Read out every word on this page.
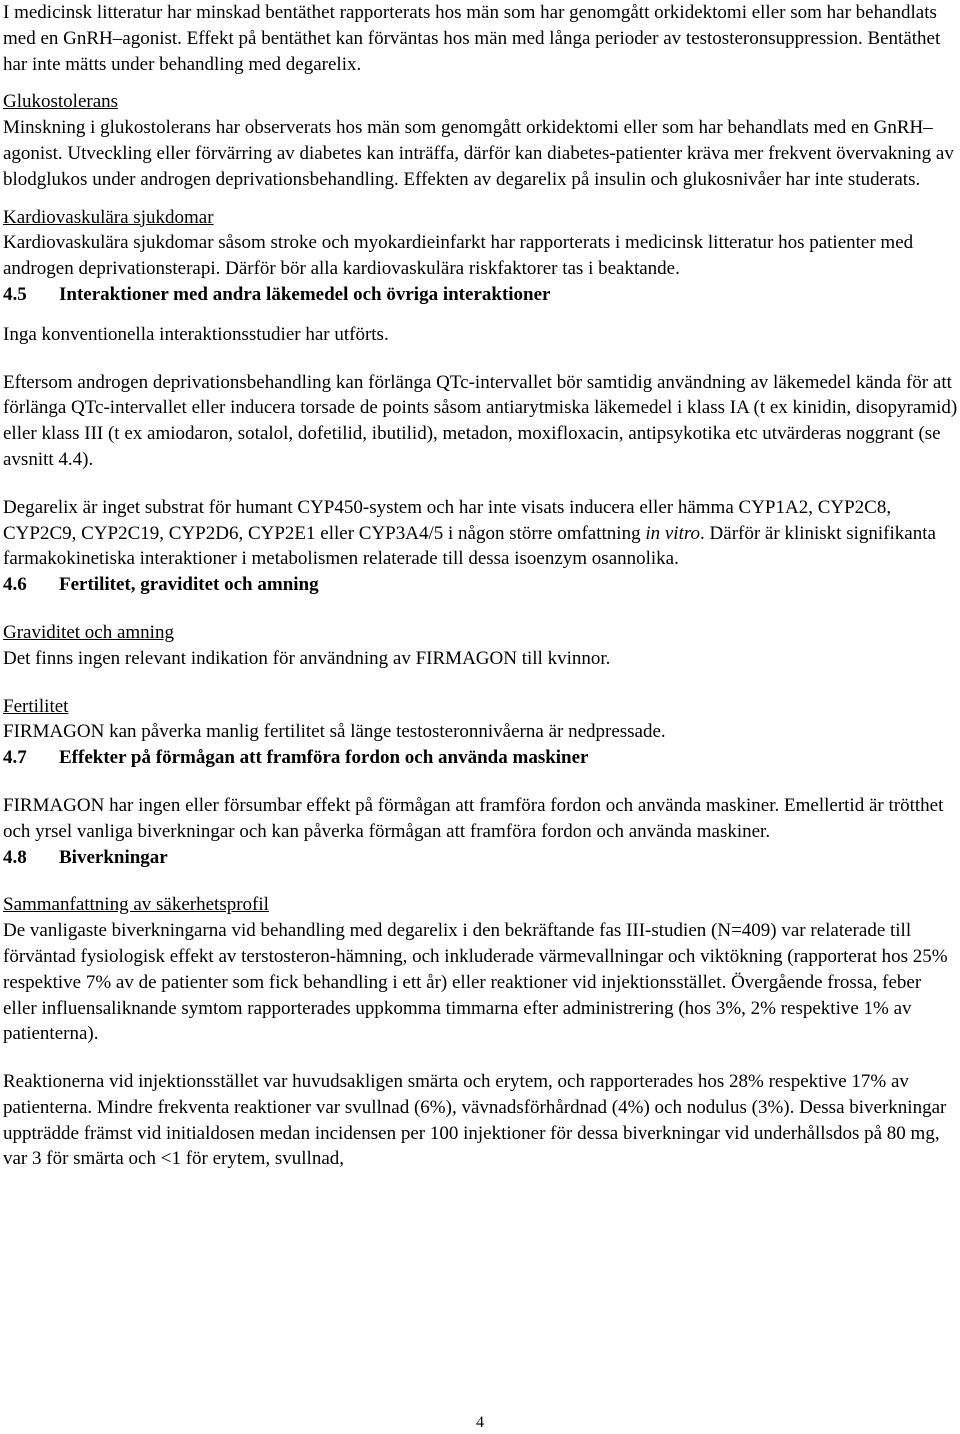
I medicinsk litteratur har minskad bentäthet rapporterats hos män som har genomgått orkidektomi eller som har behandlats med en GnRH–agonist. Effekt på bentäthet kan förväntas hos män med långa perioder av testosteronsuppression. Bentäthet har inte mätts under behandling med degarelix.

Glukostolerans

Minskning i glukostolerans har observerats hos män som genomgått orkidektomi eller som har behandlats med en GnRH–agonist. Utveckling eller förvärring av diabetes kan inträffa, därför kan diabetes-patienter kräva mer frekvent övervakning av blodglukos under androgen deprivationsbehandling. Effekten av degarelix på insulin och glukosnivåer har inte studerats.

Kardiovaskulära sjukdomar

Kardiovaskulära sjukdomar såsom stroke och myokardieinfarkt har rapporterats i medicinsk litteratur hos patienter med androgen deprivationsterapi. Därför bör alla kardiovaskulära riskfaktorer tas i beaktande.

4.5 Interaktioner med andra läkemedel och övriga interaktioner

Inga konventionella interaktionsstudier har utförts.

Eftersom androgen deprivationsbehandling kan förlänga QTc-intervallet bör samtidig användning av läkemedel kända för att förlänga QTc-intervallet eller inducera torsade de points såsom antiarytmiska läkemedel i klass IA (t ex kinidin, disopyramid) eller klass III (t ex amiodaron, sotalol, dofetilid, ibutilid), metadon, moxifloxacin, antipsykotika etc utvärderas noggrant (se avsnitt 4.4).

Degarelix är inget substrat för humant CYP450-system och har inte visats inducera eller hämma CYP1A2, CYP2C8, CYP2C9, CYP2C19, CYP2D6, CYP2E1 eller CYP3A4/5 i någon större omfattning in vitro. Därför är kliniskt signifikanta farmakokinetiska interaktioner i metabolismen relaterade till dessa isoenzym osannolika.

4.6 Fertilitet, graviditet och amning

Graviditet och amning

Det finns ingen relevant indikation för användning av FIRMAGON till kvinnor.

Fertilitet

FIRMAGON kan påverka manlig fertilitet så länge testosteronnivåerna är nedpressade.

4.7 Effekter på förmågan att framföra fordon och använda maskiner

FIRMAGON har ingen eller försumbar effekt på förmågan att framföra fordon och använda maskiner. Emellertid är trötthet och yrsel vanliga biverkningar och kan påverka förmågan att framföra fordon och använda maskiner.

4.8 Biverkningar

Sammanfattning av säkerhetsprofil

De vanligaste biverkningarna vid behandling med degarelix i den bekräftande fas III-studien (N=409) var relaterade till förväntad fysiologisk effekt av terstosteron-hämning, och inkluderade värmevallningar och viktökning (rapporterat hos 25% respektive 7% av de patienter som fick behandling i ett år) eller reaktioner vid injektionsstället. Övergående frossa, feber eller influensaliknande symtom rapporterades uppkomma timmarna efter administrering (hos 3%, 2% respektive 1% av patienterna).

Reaktionerna vid injektionsstället var huvudsakligen smärta och erytem, och rapporterades hos 28% respektive 17% av patienterna. Mindre frekventa reaktioner var svullnad (6%), vävnadsförhårdnad (4%) och nodulus (3%). Dessa biverkningar uppträdde främst vid initialdosen medan incidensen per 100 injektioner för dessa biverkningar vid underhållsdos på 80 mg, var 3 för smärta och <1 för erytem, svullnad,

4
